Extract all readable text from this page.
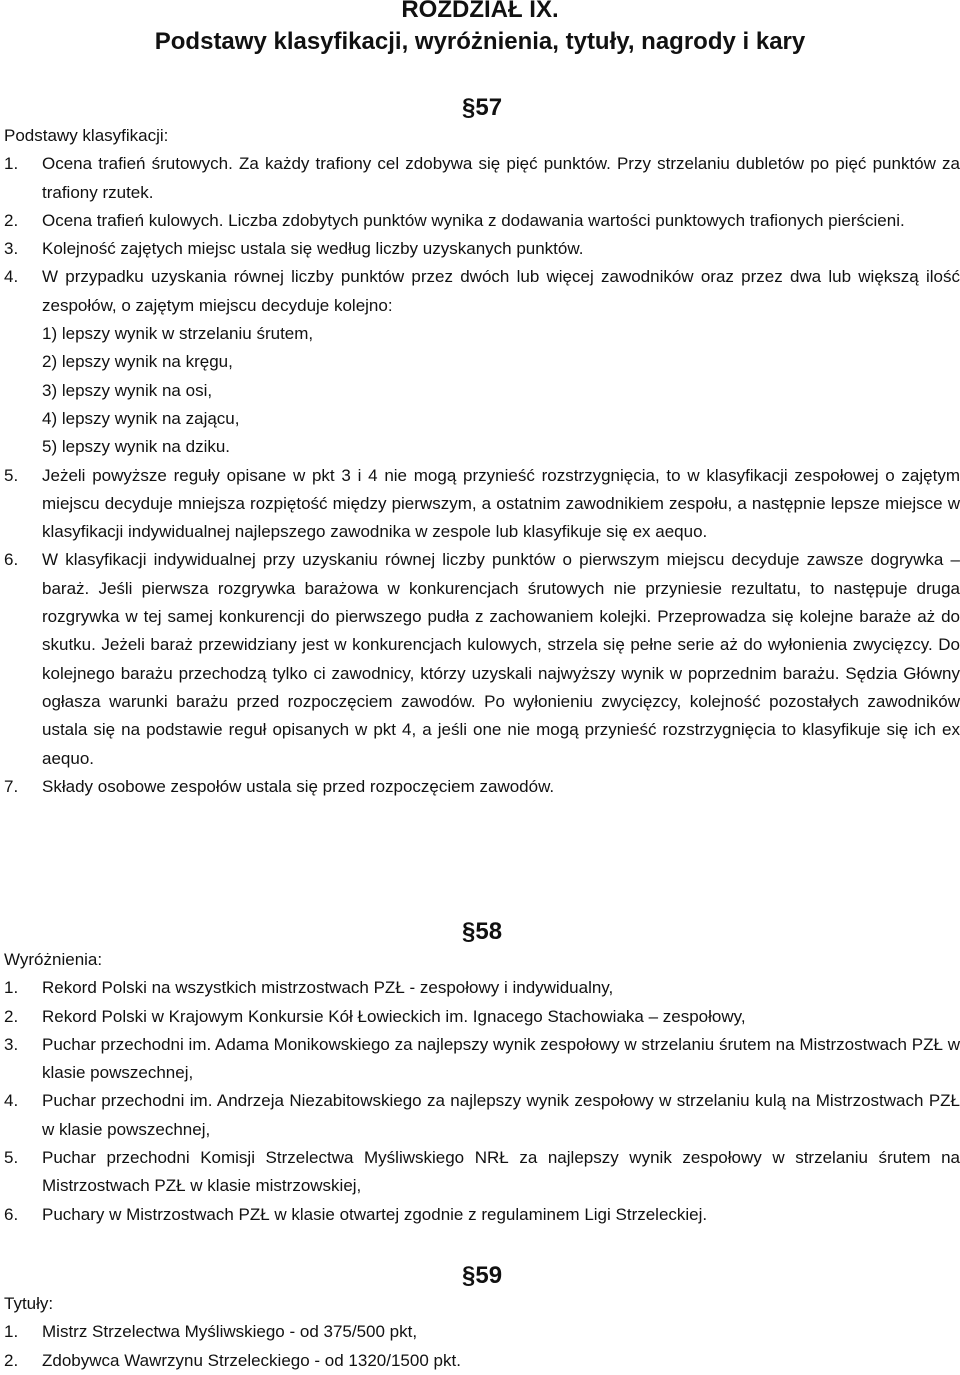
ROZDZIAŁ IX.
Podstawy klasyfikacji, wyróżnienia, tytuły, nagrody i kary
§57
Podstawy klasyfikacji:
1. Ocena trafień śrutowych. Za każdy trafiony cel zdobywa się pięć punktów. Przy strzelaniu dubletów po pięć punktów za trafiony rzutek.
2. Ocena trafień kulowych. Liczba zdobytych punktów wynika z dodawania wartości punktowych trafionych pierścieni.
3. Kolejność zajętych miejsc ustala się według liczby uzyskanych punktów.
4. W przypadku uzyskania równej liczby punktów przez dwóch lub więcej zawodników oraz przez dwa lub większą ilość zespołów, o zajętym miejscu decyduje kolejno:
1) lepszy wynik w strzelaniu śrutem,
2) lepszy wynik na kręgu,
3) lepszy wynik na osi,
4) lepszy wynik na zającu,
5) lepszy wynik na dziku.
5. Jeżeli powyższe reguły opisane w pkt 3 i 4 nie mogą przynieść rozstrzygnięcia, to w klasyfikacji zespołowej o zajętym miejscu decyduje mniejsza rozpiętość między pierwszym, a ostatnim zawodnikiem zespołu, a następnie lepsze miejsce w klasyfikacji indywidualnej najlepszego zawodnika w zespole lub klasyfikuje się ex aequo.
6. W klasyfikacji indywidualnej przy uzyskaniu równej liczby punktów o pierwszym miejscu decyduje zawsze dogrywka – baraż. Jeśli pierwsza rozgrywka barażowa w konkurencjach śrutowych nie przyniesie rezultatu, to następuje druga rozgrywka w tej samej konkurencji do pierwszego pudła z zachowaniem kolejki. Przeprowadza się kolejne baraże aż do skutku. Jeżeli baraż przewidziany jest w konkurencjach kulowych, strzela się pełne serie aż do wyłonienia zwycięzcy. Do kolejnego barażu przechodzą tylko ci zawodnicy, którzy uzyskali najwyższy wynik w poprzednim barażu. Sędzia Główny ogłasza warunki barażu przed rozpoczęciem zawodów. Po wyłonieniu zwycięzcy, kolejność pozostałych zawodników ustala się na podstawie reguł opisanych w pkt 4, a jeśli one nie mogą przynieść rozstrzygnięcia to klasyfikuje się ich ex aequo.
7. Składy osobowe zespołów ustala się przed rozpoczęciem zawodów.
§58
Wyróżnienia:
1. Rekord Polski na wszystkich mistrzostwach PZŁ - zespołowy i indywidualny,
2. Rekord Polski w Krajowym Konkursie Kół Łowieckich im. Ignacego Stachowiaka – zespołowy,
3. Puchar przechodni im. Adama Monikowskiego za najlepszy wynik zespołowy w strzelaniu śrutem na Mistrzostwach PZŁ w klasie powszechnej,
4. Puchar przechodni im. Andrzeja Niezabitowskiego za najlepszy wynik zespołowy w strzelaniu kulą na Mistrzostwach PZŁ w klasie powszechnej,
5. Puchar przechodni Komisji Strzelectwa Myśliwskiego NRŁ za najlepszy wynik zespołowy w strzelaniu śrutem na Mistrzostwach PZŁ w klasie mistrzowskiej,
6. Puchary w Mistrzostwach PZŁ w klasie otwartej zgodnie z regulaminem Ligi Strzeleckiej.
§59
Tytuły:
1. Mistrz Strzelectwa Myśliwskiego - od 375/500 pkt,
2. Zdobywca Wawrzynu Strzeleckiego - od 1320/1500 pkt.
